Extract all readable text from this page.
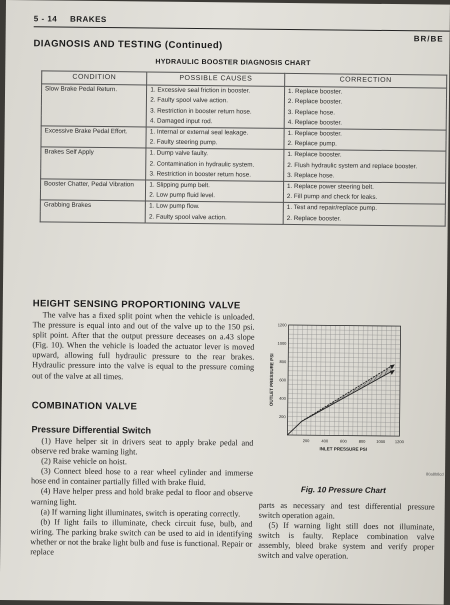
5 - 14 BRAKES
BR/BE
DIAGNOSIS AND TESTING (Continued)
HYDRAULIC BOOSTER DIAGNOSIS CHART
CONDITION	POSSIBLE CAUSES	CORRECTION
Slow Brake Pedal Return.	1. Excessive seal friction in booster.	1. Replace booster.
	2. Faulty spool valve action.	2. Replace booster.
	3. Restriction in booster return hose.	3. Replace hose.
	4. Damaged input rod.	4. Replace booster.
Excessive Brake Pedal Effort.	1. Internal or external seal leakage.	1. Replace booster.
	2. Faulty steering pump.	2. Replace pump.
Brakes Self Apply	1. Dump valve faulty.	1. Replace booster.
	2. Contamination in hydraulic system.	2. Flush hydraulic system and replace booster.
	3. Restriction in booster return hose.	3. Replace hose.
Booster Chatter, Pedal Vibration	1. Slipping pump belt.	1. Replace power steering belt.
	2. Low pump fluid level.	2. Fill pump and check for leaks.
Grabbing Brakes	1. Low pump flow.	1. Test and repair/replace pump.
	2. Faulty spool valve action.	2. Replace booster.
HEIGHT SENSING PROPORTIONING VALVE

The valve has a fixed split point when the vehicle is unloaded. The pressure is equal into and out of the valve up to the 150 psi. split point. After that the output pressure deceases on a.43 slope (Fig. 10). When the vehicle is loaded the actuator lever is moved upward, allowing full hydraulic pressure to the rear brakes. Hydraulic pressure into the valve is equal to the pressure coming out of the valve at all times.

COMBINATION VALVE
Pressure Differential Switch

(1) Have helper sit in drivers seat to apply brake pedal and observe red brake warning light.

(2) Raise vehicle on hoist.

(3) Connect bleed hose to a rear wheel cylinder and immerse hose end in container partially filled with brake fluid.

(4) Have helper press and hold brake pedal to floor and observe warning light.

(a) If warning light illuminates, switch is operating correctly.

(b) If light fails to illuminate, check circuit fuse, bulb, and wiring. The parking brake switch can be used to aid in identifying whether or not the brake light bulb and fuse is functional. Repair or replace

200	400	600	800	1000 1200
200
400
600
800
1000
1200
INLET PRESSURE PSI
OUTLET PRESSURE PSI
80a8b8cd
Fig. 10 Pressure Chart

parts as necessary and test differential pressure switch operation again.

(5) If warning light still does not illuminate, switch is faulty. Replace combination valve assembly, bleed brake system and verify proper switch and valve operation.
